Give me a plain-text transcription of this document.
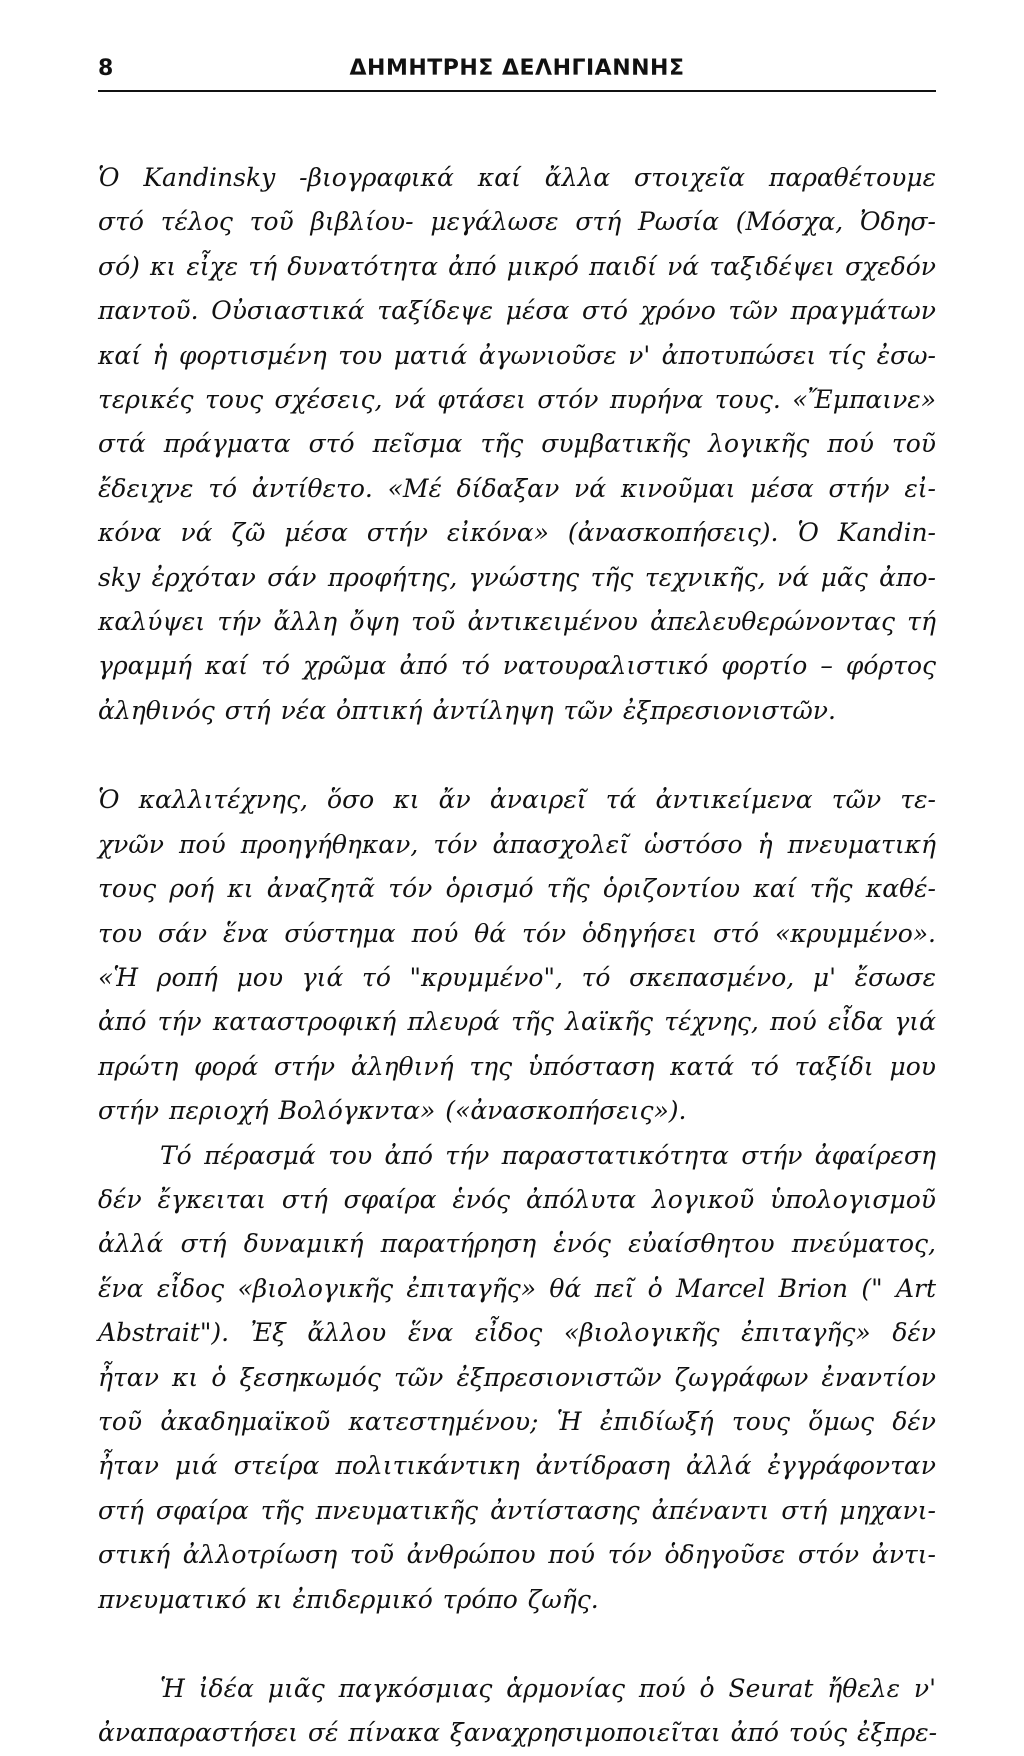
8	ΔΗΜΗΤΡΗΣ ΔΕΛΗΓΙΑΝΝΗΣ

Ὁ Kandinsky -βιογραφικά καί ἄλλα στοιχεῖα παραθέτουμε
στό τέλος τοῦ βιβλίου- μεγάλωσε στή Ρωσία (Μόσχα, Ὀδησ-
σό) κι εἶχε τή δυνατότητα ἀπό μικρό παιδί νά ταξιδέψει σχεδόν
παντοῦ. Οὐσιαστικά ταξίδεψε μέσα στό χρόνο τῶν πραγμάτων
καί ἡ φορτισμένη του ματιά ἀγωνιοῦσε ν' ἀποτυπώσει τίς ἐσω-
τερικές τους σχέσεις, νά φτάσει στόν πυρήνα τους. «Ἔμπαινε»
στά πράγματα στό πεῖσμα τῆς συμβατικῆς λογικῆς πού τοῦ
ἔδειχνε τό ἀντίθετο. «Μέ δίδαξαν νά κινοῦμαι μέσα στήν εἰ-
κόνα νά ζῶ μέσα στήν εἰκόνα» (ἀνασκοπήσεις). Ὁ Kandin-
sky ἐρχόταν σάν προφήτης, γνώστης τῆς τεχνικῆς, νά μᾶς ἀπο-
καλύψει τήν ἄλλη ὄψη τοῦ ἀντικειμένου ἀπελευθερώνοντας τή
γραμμή καί τό χρῶμα ἀπό τό νατουραλιστικό φορτίο – φόρτος
ἀληθινός στή νέα ὀπτική ἀντίληψη τῶν ἐξπρεσιονιστῶν.

Ὁ καλλιτέχνης, ὅσο κι ἄν ἀναιρεῖ τά ἀντικείμενα τῶν τε-
χνῶν πού προηγήθηκαν, τόν ἀπασχολεῖ ὡστόσο ἡ πνευματική
τους ροή κι ἀναζητᾶ τόν ὁρισμό τῆς ὁριζοντίου καί τῆς καθέ-
του σάν ἕνα σύστημα πού θά τόν ὁδηγήσει στό «κρυμμένο».
«Ἡ ροπή μου γιά τό "κρυμμένο", τό σκεπασμένο, μ' ἔσωσε
ἀπό τήν καταστροφική πλευρά τῆς λαϊκῆς τέχνης, πού εἶδα γιά
πρώτη φορά στήν ἀληθινή της ὑπόσταση κατά τό ταξίδι μου
στήν περιοχή Βολόγκντα» («ἀνασκοπήσεις»).

Τό πέρασμά του ἀπό τήν παραστατικότητα στήν ἀφαίρεση
δέν ἔγκειται στή σφαίρα ἑνός ἀπόλυτα λογικοῦ ὑπολογισμοῦ
ἀλλά στή δυναμική παρατήρηση ἑνός εὐαίσθητου πνεύματος,
ἕνα εἶδος «βιολογικῆς ἐπιταγῆς» θά πεῖ ὁ Marcel Brion (" Art
Abstrait"). Ἐξ ἄλλου ἕνα εἶδος «βιολογικῆς ἐπιταγῆς» δέν
ἦταν κι ὁ ξεσηκωμός τῶν ἐξπρεσιονιστῶν ζωγράφων ἐναντίον
τοῦ ἀκαδημαϊκοῦ κατεστημένου; Ἡ ἐπιδίωξή τους ὅμως δέν
ἦταν μιά στείρα πολιτικάντικη ἀντίδραση ἀλλά ἐγγράφονταν
στή σφαίρα τῆς πνευματικῆς ἀντίστασης ἀπέναντι στή μηχανι-
στική ἀλλοτρίωση τοῦ ἀνθρώπου πού τόν ὁδηγοῦσε στόν ἀντι-
πνευματικό κι ἐπιδερμικό τρόπο ζωῆς.

Ἡ ἰδέα μιᾶς παγκόσμιας ἁρμονίας πού ὁ Seurat ἤθελε ν'
ἀναπαραστήσει σέ πίνακα ξαναχρησιμοποιεῖται ἀπό τούς ἐξπρε-
